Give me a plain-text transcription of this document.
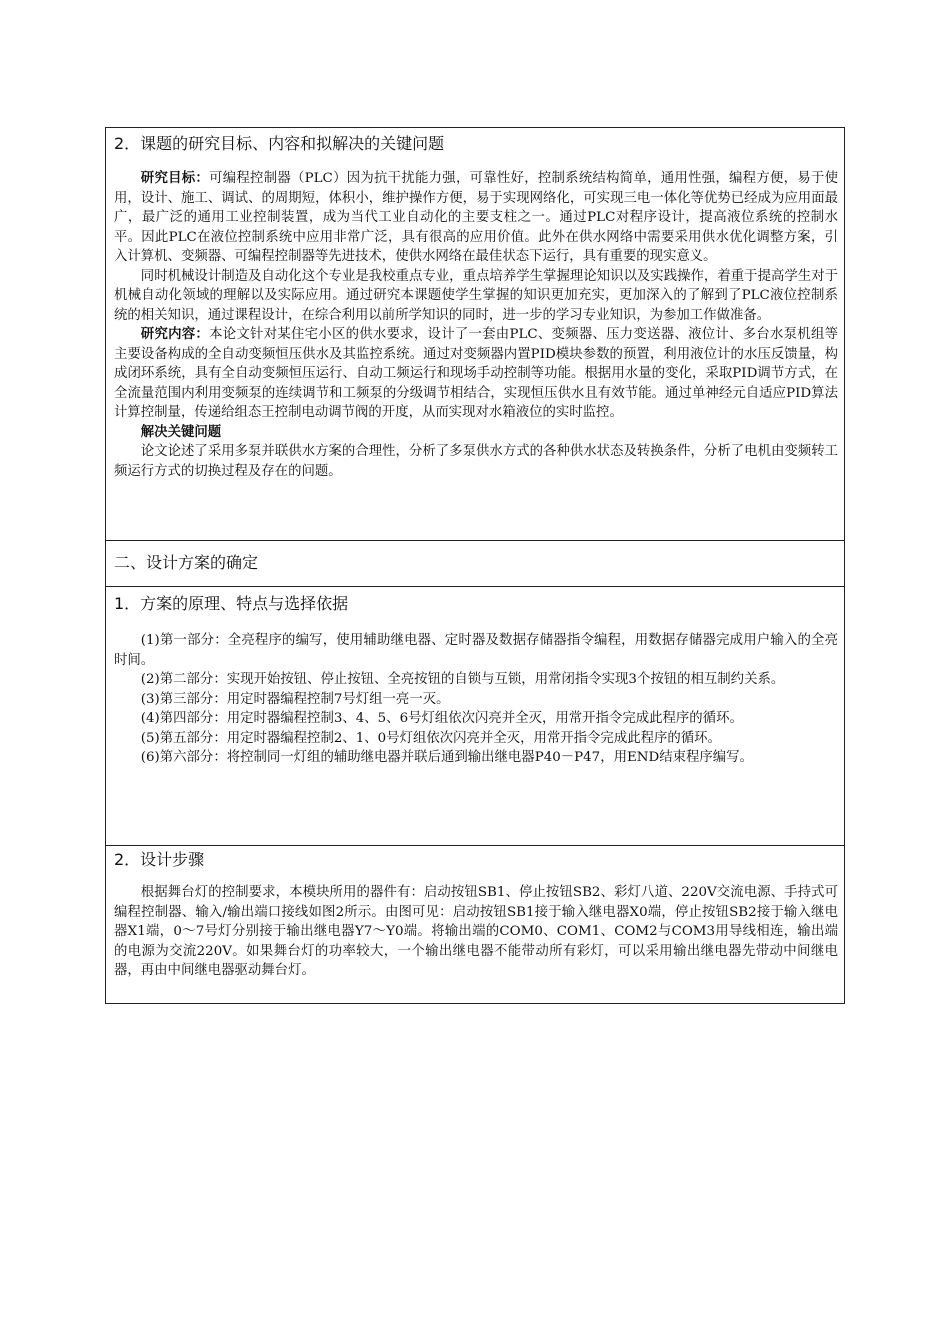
2．课题的研究目标、内容和拟解决的关键问题

研究目标：可编程控制器（PLC）因为抗干扰能力强，可靠性好，控制系统结构简单，通用性强，编程方便，易于使用，设计、施工、调试、的周期短，体积小，维护操作方便，易于实现网络化，可实现三电一体化等优势已经成为应用面最广，最广泛的通用工业控制装置，成为当代工业自动化的主要支柱之一。通过PLC对程序设计，提高液位系统的控制水平。因此PLC在液位控制系统中应用非常广泛，具有很高的应用价值。此外在供水网络中需要采用供水优化调整方案，引入计算机、变频器、可编程控制器等先进技术，使供水网络在最佳状态下运行，具有重要的现实意义。

同时机械设计制造及自动化这个专业是我校重点专业，重点培养学生掌握理论知识以及实践操作，着重于提高学生对于机械自动化领域的理解以及实际应用。通过研究本课题使学生掌握的知识更加充实，更加深入的了解到了PLC液位控制系统的相关知识，通过课程设计，在综合利用以前所学知识的同时，进一步的学习专业知识，为参加工作做准备。

研究内容：本论文针对某住宅小区的供水要求，设计了一套由PLC、变频器、压力变送器、液位计、多台水泵机组等主要设备构成的全自动变频恒压供水及其监控系统。通过对变频器内置PID模块参数的预置，利用液位计的水压反馈量，构成闭环系统，具有全自动变频恒压运行、自动工频运行和现场手动控制等功能。根据用水量的变化，采取PID调节方式，在全流量范围内利用变频泵的连续调节和工频泵的分级调节相结合，实现恒压供水且有效节能。通过单神经元自适应PID算法计算控制量，传递给组态王控制电动调节阀的开度，从而实现对水箱液位的实时监控。

解决关键问题

论文论述了采用多泵并联供水方案的合理性，分析了多泵供水方式的各种供水状态及转换条件，分析了电机由变频转工频运行方式的切换过程及存在的问题。

二、设计方案的确定
1．方案的原理、特点与选择依据

(1)第一部分：全亮程序的编写，使用辅助继电器、定时器及数据存储器指令编程，用数据存储器完成用户输入的全亮时间。

(2)第二部分：实现开始按钮、停止按钮、全亮按钮的自锁与互锁，用常闭指令实现3个按钮的相互制约关系。

(3)第三部分：用定时器编程控制7号灯组一亮一灭。

(4)第四部分：用定时器编程控制3、4、5、6号灯组依次闪亮并全灭，用常开指令完成此程序的循环。

(5)第五部分：用定时器编程控制2、1、0号灯组依次闪亮并全灭，用常开指令完成此程序的循环。

(6)第六部分：将控制同一灯组的辅助继电器并联后通到输出继电器P40－P47，用END结束程序编写。

2．设计步骤

根据舞台灯的控制要求，本模块所用的器件有：启动按钮SB1、停止按钮SB2、彩灯八道、220V交流电源、手持式可编程控制器、输入/输出端口接线如图2所示。由图可见：启动按钮SB1接于输入继电器X0端，停止按钮SB2接于输入继电器X1端，0～7号灯分别接于输出继电器Y7～Y0端。将输出端的COM0、COM1、COM2与COM3用导线相连，输出端的电源为交流220V。如果舞台灯的功率较大，一个输出继电器不能带动所有彩灯，可以采用输出继电器先带动中间继电器，再由中间继电器驱动舞台灯。
